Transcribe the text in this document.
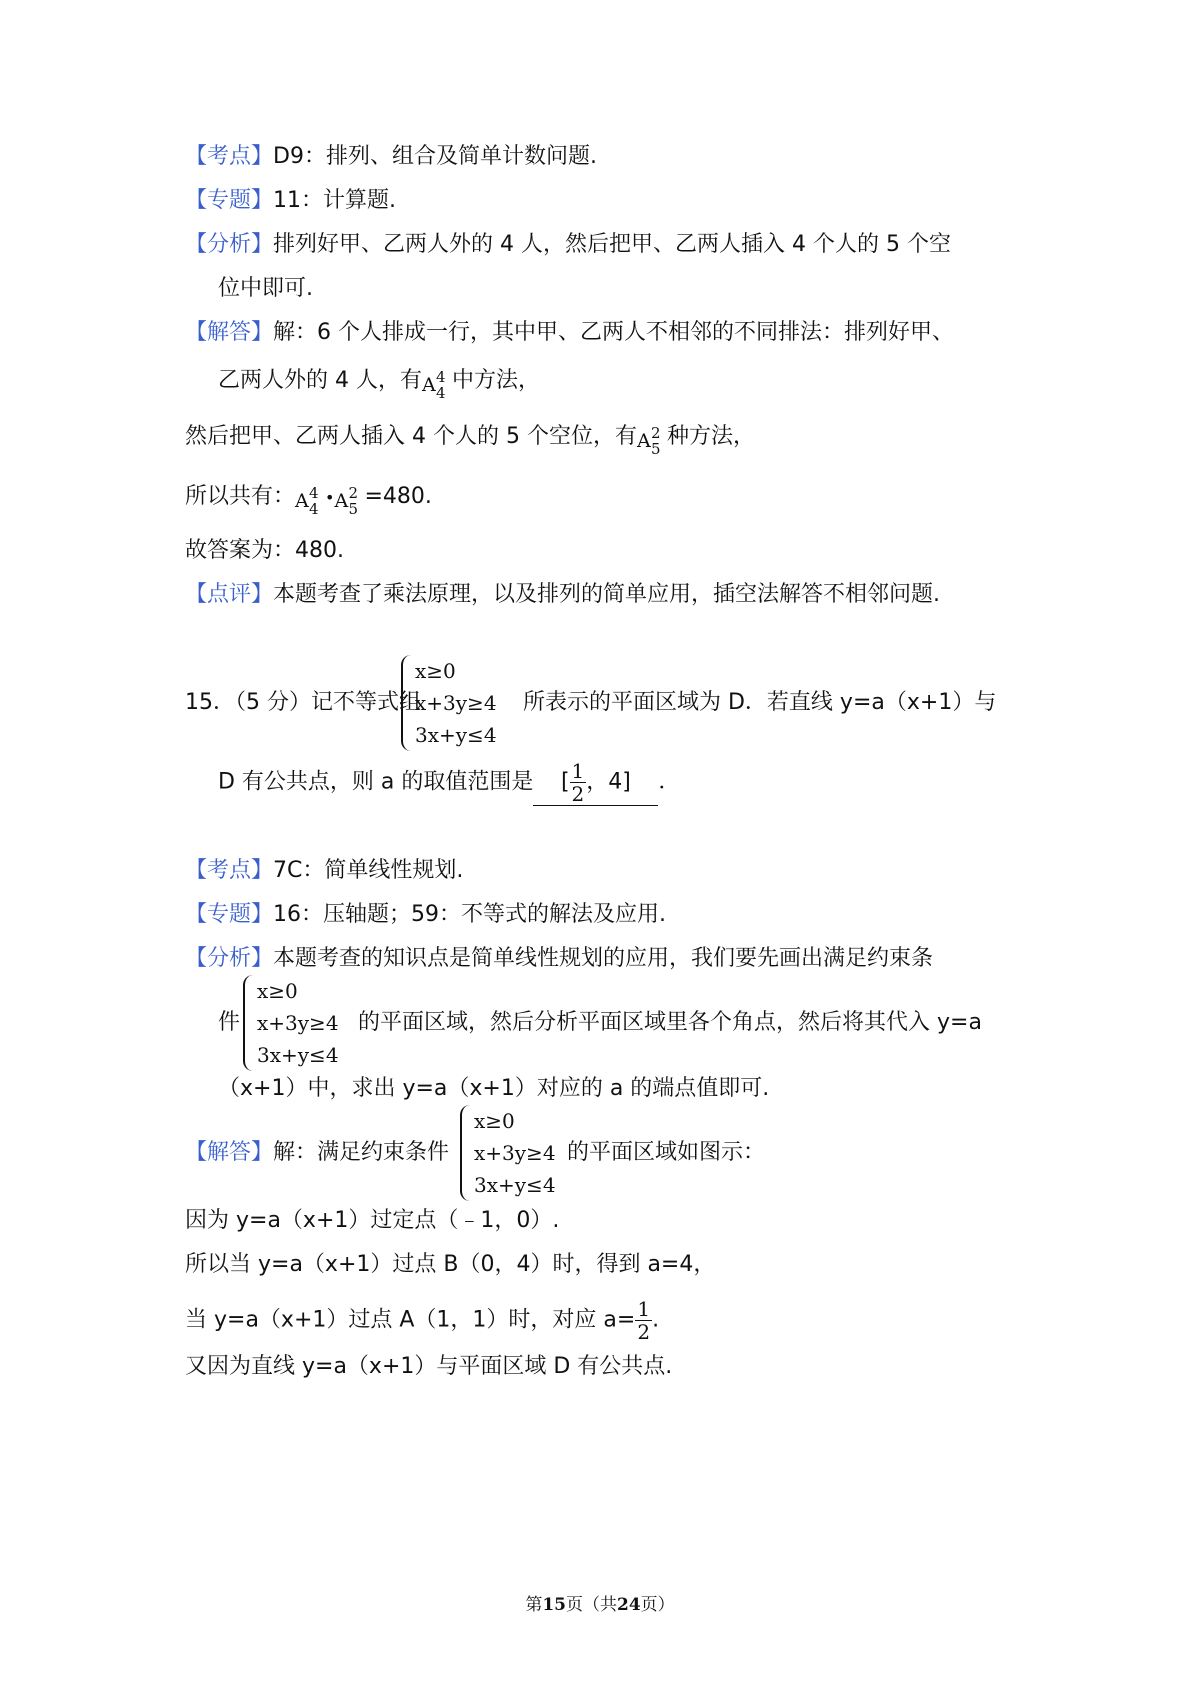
【考点】D9：排列、组合及简单计数问题.
【专题】11：计算题.
【分析】排列好甲、乙两人外的 4 人，然后把甲、乙两人插入 4 个人的 5 个空
位中即可.
【解答】解：6 个人排成一行，其中甲、乙两人不相邻的不同排法：排列好甲、
乙两人外的 4 人，有 A 4
4 中方法，
然后把甲、乙两人插入 4 个人的 5 个空位，有 A 2
5 种方法，
所以共有： A 4
4
• A 2
5 =480.
故答案为：480.
【点评】本题考查了乘法原理，以及排列的简单应用，插空法解答不相邻问题.
15．（5 分）记不等式组	所表示的平面区域为 D．若直线 y=a（x+1）与
x≥0
x+3y≥4
3x+y≤4
D 有公共点，则 a 的取值范围是 [ $\frac{1}{2}$ ，4] ．
【考点】7C：简单线性规划.
【专题】16：压轴题；59：不等式的解法及应用.
【分析】本题考查的知识点是简单线性规划的应用，我们要先画出满足约束条
件	的平面区域，然后分析平面区域里各个角点，然后将其代入 y=a
x≥0
x+3y≥4
3x+y≤4
（x+1）中，求出 y=a（x+1）对应的 a 的端点值即可.
【解答】解：满足约束条件	的平面区域如图示：
x≥0
x+3y≥4
3x+y≤4
因为 y=a（x+1）过定点（﹣1，0）.
所以当 y=a（x+1）过点 B（0，4）时，得到 a=4，
当 y=a（x+1）过点 A（1，1）时，对应 $a= \frac{1}{2}$ .
又因为直线 y=a（x+1）与平面区域 D 有公共点.
第15页（共24页）
